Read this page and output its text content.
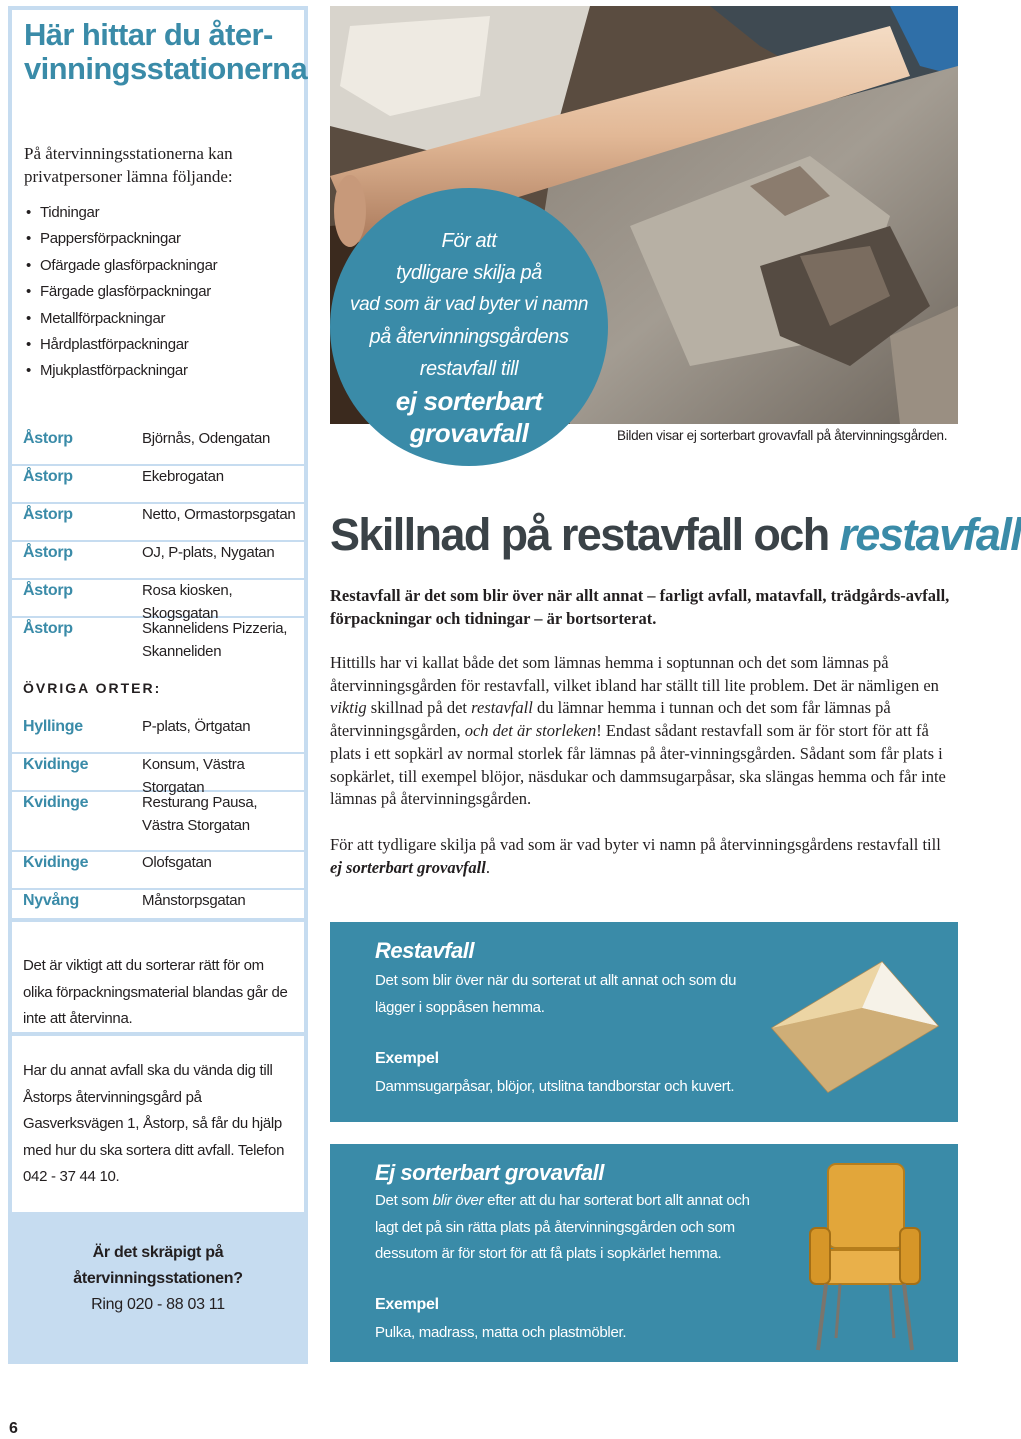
Här hittar du åter-vinningsstationerna
På återvinningsstationerna kan privatpersoner lämna följande:
• Tidningar
• Pappersförpackningar
• Ofärgade glasförpackningar
• Färgade glasförpackningar
• Metallförpackningar
• Hårdplastförpackningar
• Mjukplastförpackningar
Åstorp	Björnås, Odengatan
Åstorp	Ekebrogatan
Åstorp	Netto, Ormastorpsgatan
Åstorp	OJ, P-plats, Nygatan
Åstorp	Rosa kiosken, Skogsgatan
Åstorp	Skannelidens Pizzeria, Skanneliden
ÖVRIGA ORTER:
Hyllinge	P-plats, Örtgatan
Kvidinge	Konsum, Västra Storgatan
Kvidinge	Resturang Pausa, Västra Storgatan
Kvidinge	Olofsgatan
Nyvång	Månstorpsgatan
Det är viktigt att du sorterar rätt för om olika förpackningsmaterial blandas går de inte att återvinna.
Har du annat avfall ska du vända dig till Åstorps återvinningsgård på Gasverksvägen 1, Åstorp, så får du hjälp med hur du ska sortera ditt avfall. Telefon 042 - 37 44 10.
Är det skräpigt på
återvinningsstationen?
Ring 020 - 88 03 11
För att
tydligare skilja på
vad som är vad byter vi namn
på återvinningsgårdens
restavfall till
ej sorterbart
grovavfall	Bilden visar ej sorterbart grovavfall på återvinningsgården.
Skillnad på restavfall och restavfall
Restavfall är det som blir över när allt annat – farligt avfall, matavfall, trädgårds-avfall, förpackningar och tidningar – är bortsorterat.
Hittills har vi kallat både det som lämnas hemma i soptunnan och det som lämnas på återvinningsgården för restavfall, vilket ibland har ställt till lite problem. Det är nämligen en viktig skillnad på det restavfall du lämnar hemma i tunnan och det som får lämnas på återvinningsgården, och det är storleken! Endast sådant restavfall som är för stort för att få plats i ett sopkärl av normal storlek får lämnas på åter-vinningsgården. Sådant som får plats i sopkärlet, till exempel blöjor, näsdukar och dammsugarpåsar, ska slängas hemma och får inte lämnas på återvinningsgården.
För att tydligare skilja på vad som är vad byter vi namn på återvinningsgårdens restavfall till ej sorterbart grovavfall.
Restavfall
Det som blir över när du sorterat ut allt annat och som du lägger i soppåsen hemma.
Exempel
Dammsugarpåsar, blöjor, utslitna tandborstar och kuvert.
Ej sorterbart grovavfall
Det som blir över efter att du har sorterat bort allt annat och lagt det på sin rätta plats på återvinningsgården och som dessutom är för stort för att få plats i sopkärlet hemma.
Exempel
Pulka, madrass, matta och plastmöbler.
6
